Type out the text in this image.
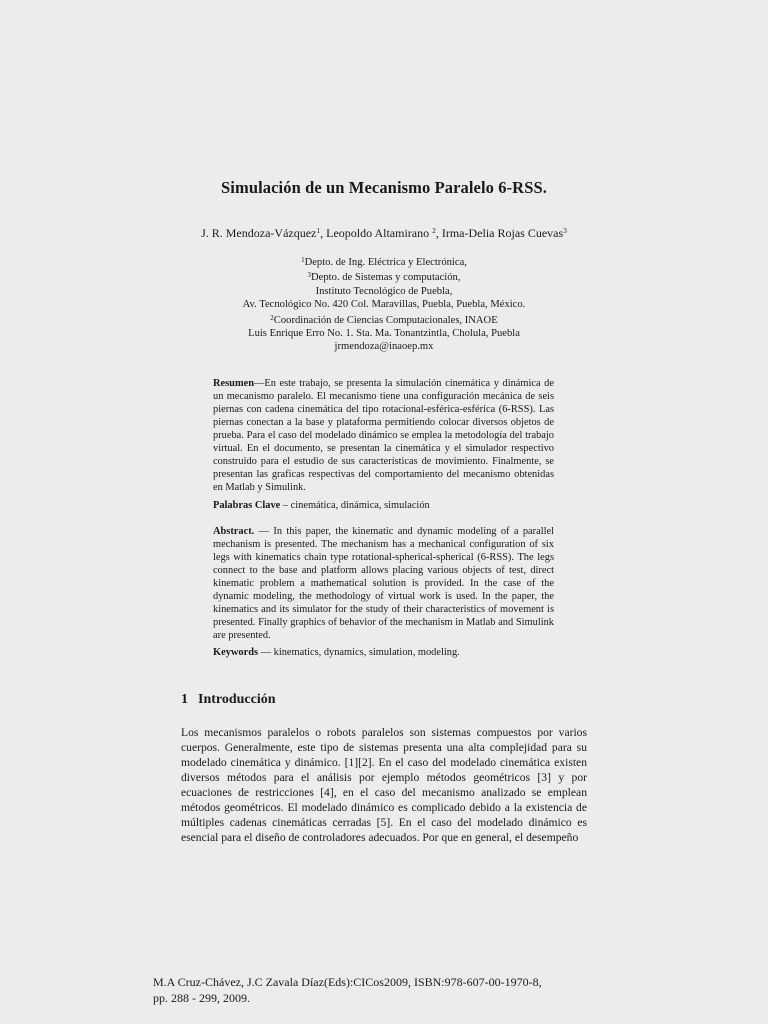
Simulación de un Mecanismo Paralelo 6-RSS.
J. R. Mendoza-Vázquez$^1$, Leopoldo Altamirano $^2$, Irma-Delia Rojas Cuevas$^3$
$^1$Depto. de Ing. Eléctrica y Electrónica,
$^3$Depto. de Sistemas y computación,
Instituto Tecnológico de Puebla,
Av. Tecnológico No. 420 Col. Maravillas, Puebla, Puebla, México.
$^2$Coordinación de Ciencias Computacionales, INAOE
Luis Enrique Erro No. 1. Sta. Ma. Tonantzintla, Cholula, Puebla
jrmendoza@inaoep.mx
Resumen—En este trabajo, se presenta la simulación cinemática y dinámica de un mecanismo paralelo. El mecanismo tiene una configuración mecánica de seis piernas con cadena cinemática del tipo rotacional-esférica-esférica (6-RSS). Las piernas conectan a la base y plataforma permitiendo colocar diversos objetos de prueba. Para el caso del modelado dinámico se emplea la metodología del trabajo virtual. En el documento, se presentan la cinemática y el simulador respectivo construido para el estudio de sus características de movimiento. Finalmente, se presentan las graficas respectivas del comportamiento del mecanismo obtenidas en Matlab y Simulink.
Palabras Clave – cinemática, dinámica, simulación
Abstract. — In this paper, the kinematic and dynamic modeling of a parallel mechanism is presented. The mechanism has a mechanical configuration of six legs with kinematics chain type rotational-spherical-spherical (6-RSS). The legs connect to the base and platform allows placing various objects of test, direct kinematic problem a mathematical solution is provided. In the case of the dynamic modeling, the methodology of virtual work is used. In the paper, the kinematics and its simulator for the study of their characteristics of movement is presented. Finally graphics of behavior of the mechanism in Matlab and Simulink are presented.
Keywords — kinematics, dynamics, simulation, modeling.
1 Introducción
Los mecanismos paralelos o robots paralelos son sistemas compuestos por varios cuerpos. Generalmente, este tipo de sistemas presenta una alta complejidad para su modelado cinemática y dinámico. [1][2]. En el caso del modelado cinemática existen diversos métodos para el análisis por ejemplo métodos geométricos [3] y por ecuaciones de restricciones [4], en el caso del mecanismo analizado se emplean métodos geométricos. El modelado dinámico es complicado debido a la existencia de múltiples cadenas cinemáticas cerradas [5]. En el caso del modelado dinámico es esencial para el diseño de controladores adecuados. Por que en general, el desempeño
M.A Cruz-Chávez, J.C Zavala Díaz(Eds):CICos2009, ISBN:978-607-00-1970-8,
pp. 288 - 299, 2009.
